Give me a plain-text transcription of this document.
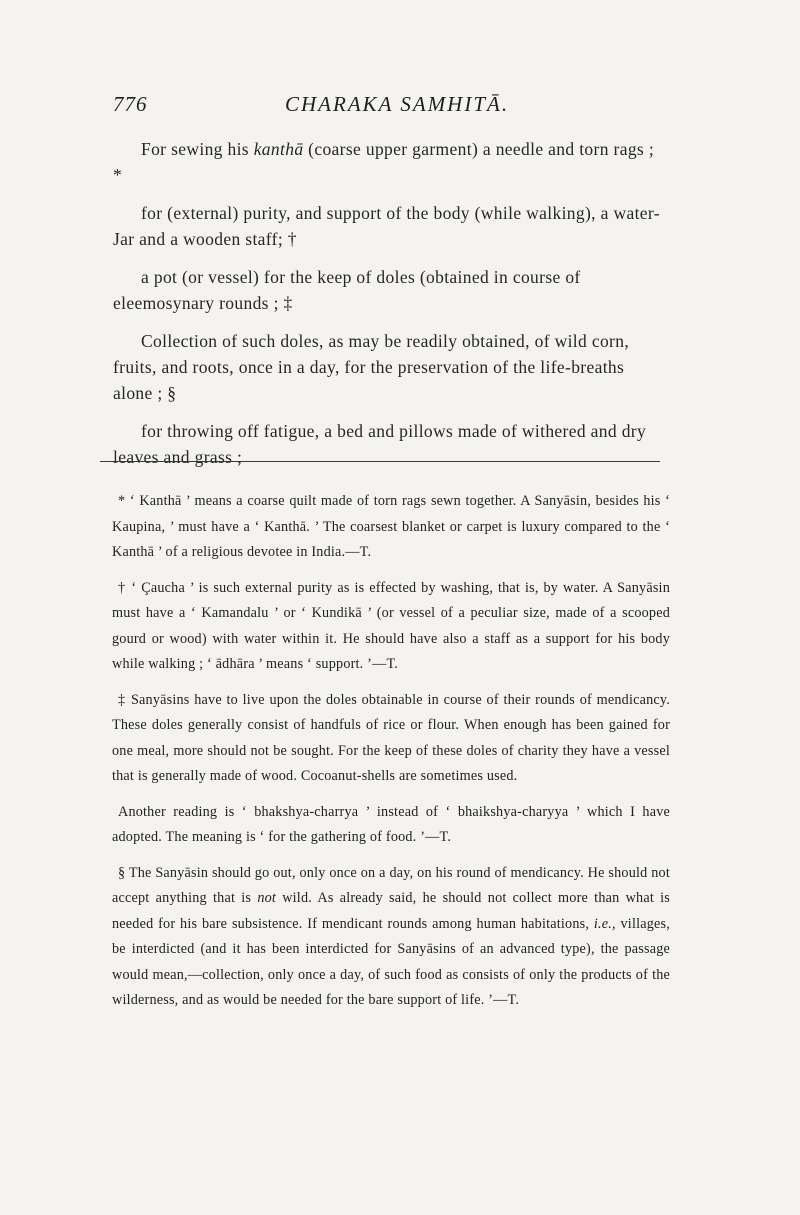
776	CHARAKA SAMHITĀ.

For sewing his kanthā (coarse upper garment) a needle and torn rags ; *

for (external) purity, and support of the body (while walking), a water-Jar and a wooden staff; †

a pot (or vessel) for the keep of doles (obtained in course of eleemosynary rounds ; ‡

Collection of such doles, as may be readily obtained, of wild corn, fruits, and roots, once in a day, for the preservation of the life-breaths alone ; §

for throwing off fatigue, a bed and pillows made of withered and dry leaves and grass ;

* ‘ Kanthā ’ means a coarse quilt made of torn rags sewn together. A Sanyāsin, besides his ‘ Kaupina, ’ must have a ‘ Kanthā. ’ The coarsest blanket or carpet is luxury compared to the ‘ Kanthā ’ of a religious devotee in India.—T.

† ‘ Çaucha ’ is such external purity as is effected by washing, that is, by water. A Sanyāsin must have a ‘ Kamandalu ’ or ‘ Kundikā ’ (or vessel of a peculiar size, made of a scooped gourd or wood) with water within it. He should have also a staff as a support for his body while walking ; ‘ ādhāra ’ means ‘ support. ’—T.

‡ Sanyāsins have to live upon the doles obtainable in course of their rounds of mendicancy. These doles generally consist of handfuls of rice or flour. When enough has been gained for one meal, more should not be sought. For the keep of these doles of charity they have a vessel that is generally made of wood. Cocoanut-shells are sometimes used.

Another reading is ‘ bhakshya-charrya ’ instead of ‘ bhaikshya-charyya ’ which I have adopted. The meaning is ‘ for the gathering of food. ’—T.

§ The Sanyāsin should go out, only once on a day, on his round of mendicancy. He should not accept anything that is not wild. As already said, he should not collect more than what is needed for his bare subsistence. If mendicant rounds among human habitations, i.e., villages, be interdicted (and it has been interdicted for Sanyāsins of an advanced type), the passage would mean,—collection, only once a day, of such food as consists of only the products of the wilderness, and as would be needed for the bare support of life. ’—T.
